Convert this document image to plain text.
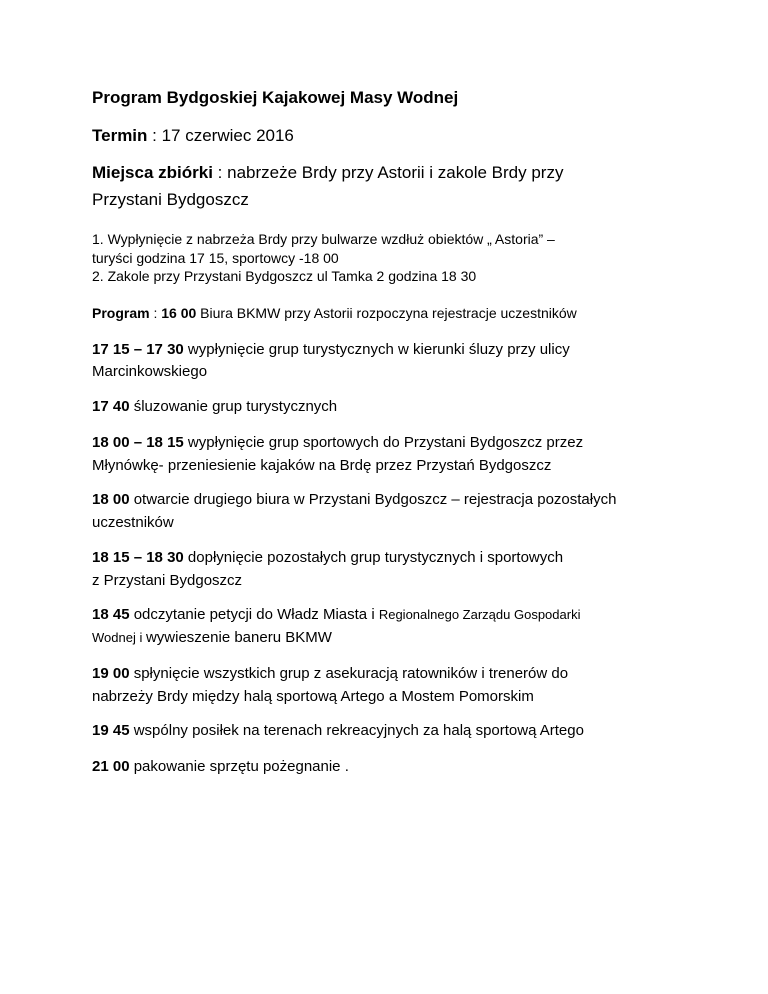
Program Bydgoskiej Kajakowej Masy Wodnej
Termin : 17 czerwiec 2016
Miejsca zbiórki : nabrzeże Brdy przy Astorii i zakole Brdy przy
Przystani Bydgoszcz
1. Wypłynięcie z nabrzeża Brdy przy bulwarze wzdłuż obiektów „ Astoria” –
turyści godzina 17 15, sportowcy -18 00
2. Zakole przy Przystani Bydgoszcz ul Tamka 2 godzina 18 30
Program : 16 00 Biura BKMW przy Astorii rozpoczyna rejestracje uczestników
17 15 – 17 30 wypłynięcie grup turystycznych w kierunki śluzy przy ulicy
Marcinkowskiego
17 40 śluzowanie grup turystycznych
18 00 – 18 15 wypłynięcie grup sportowych do Przystani Bydgoszcz przez
Młynówkę- przeniesienie kajaków na Brdę przez Przystań Bydgoszcz
18 00 otwarcie drugiego biura w Przystani Bydgoszcz – rejestracja pozostałych
uczestników
18 15 – 18 30 dopłynięcie pozostałych grup turystycznych i sportowych
z Przystani Bydgoszcz
18 45 odczytanie petycji do Władz Miasta i Regionalnego Zarządu Gospodarki
Wodnej i wywieszenie baneru BKMW
19 00 spłynięcie wszystkich grup z asekuracją ratowników i trenerów do
nabrzeży Brdy między halą sportową Artego a Mostem Pomorskim
19 45 wspólny posiłek na terenach rekreacyjnych za halą sportową Artego
21 00 pakowanie sprzętu pożegnanie .
